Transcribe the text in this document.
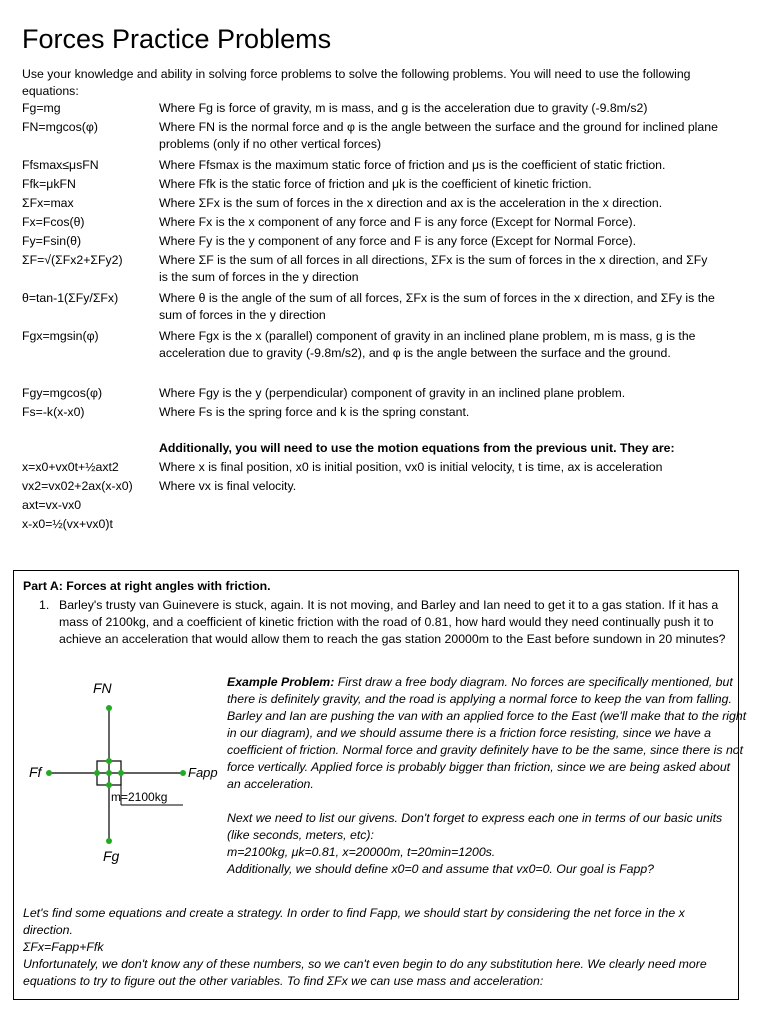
Forces Practice Problems
Use your knowledge and ability in solving force problems to solve the following problems. You will need to use the following equations:
Fg=mg	Where Fg is force of gravity, m is mass, and g is the acceleration due to gravity (-9.8m/s2)
FN=mgcos(φ)	Where FN is the normal force and φ is the angle between the surface and the ground for inclined plane problems (only if no other vertical forces)
Ffsmax≤μsFN	Where Ffsmax is the maximum static force of friction and μs is the coefficient of static friction.
Ffk=μkFN	Where Ffk is the static force of friction and μk is the coefficient of kinetic friction.
ΣFx=max	Where ΣFx is the sum of forces in the x direction and ax is the acceleration in the x direction.
Fx=Fcos(θ)	Where Fx is the x component of any force and F is any force (Except for Normal Force).
Fy=Fsin(θ)	Where Fy is the y component of any force and F is any force (Except for Normal Force).
ΣF=√(ΣFx2+ΣFy2)	Where ΣF is the sum of all forces in all directions, ΣFx is the sum of forces in the x direction, and ΣFy is the sum of forces in the y direction
θ=tan-1(ΣFy/ΣFx)	Where θ is the angle of the sum of all forces, ΣFx is the sum of forces in the x direction, and ΣFy is the sum of forces in the y direction
Fgx=mgsin(φ)	Where Fgx is the x (parallel) component of gravity in an inclined plane problem, m is mass, g is the acceleration due to gravity (-9.8m/s2), and φ is the angle between the surface and the ground.
Fgy=mgcos(φ)	Where Fgy is the y (perpendicular) component of gravity in an inclined plane problem.
Fs=-k(x-x0)	Where Fs is the spring force and k is the spring constant.
Additionally, you will need to use the motion equations from the previous unit. They are:
x=x0+vx0t+½axt2	Where x is final position, x0 is initial position, vx0 is initial velocity, t is time, ax is acceleration
vx2=vx02+2ax(x-x0)	Where vx is final velocity.
axt=vx-vx0
x-x0=½(vx+vx0)t
Part A: Forces at right angles with friction.
1. Barley's trusty van Guinevere is stuck, again. It is not moving, and Barley and Ian need to get it to a gas station. If it has a mass of 2100kg, and a coefficient of kinetic friction with the road of 0.81, how hard would they need continually push it to achieve an acceleration that would allow them to reach the gas station 20000m to the East before sundown in 20 minutes?
FN
Ff	Fapp
Fg
m=2100kg
Example Problem: First draw a free body diagram. No forces are specifically mentioned, but there is definitely gravity, and the road is applying a normal force to keep the van from falling. Barley and Ian are pushing the van with an applied force to the East (we'll make that to the right in our diagram), and we should assume there is a friction force resisting, since we have a coefficient of friction. Normal force and gravity definitely have to be the same, since there is not force vertically. Applied force is probably bigger than friction, since we are being asked about an acceleration.
Next we need to list our givens. Don't forget to express each one in terms of our basic units (like seconds, meters, etc):
m=2100kg, μk=0.81, x=20000m, t=20min=1200s.
Additionally, we should define x0=0 and assume that vx0=0. Our goal is Fapp?
Let's find some equations and create a strategy. In order to find Fapp, we should start by considering the net force in the x direction.
ΣFx=Fapp+Ffk
Unfortunately, we don't know any of these numbers, so we can't even begin to do any substitution here. We clearly need more equations to try to figure out the other variables. To find ΣFx we can use mass and acceleration:
